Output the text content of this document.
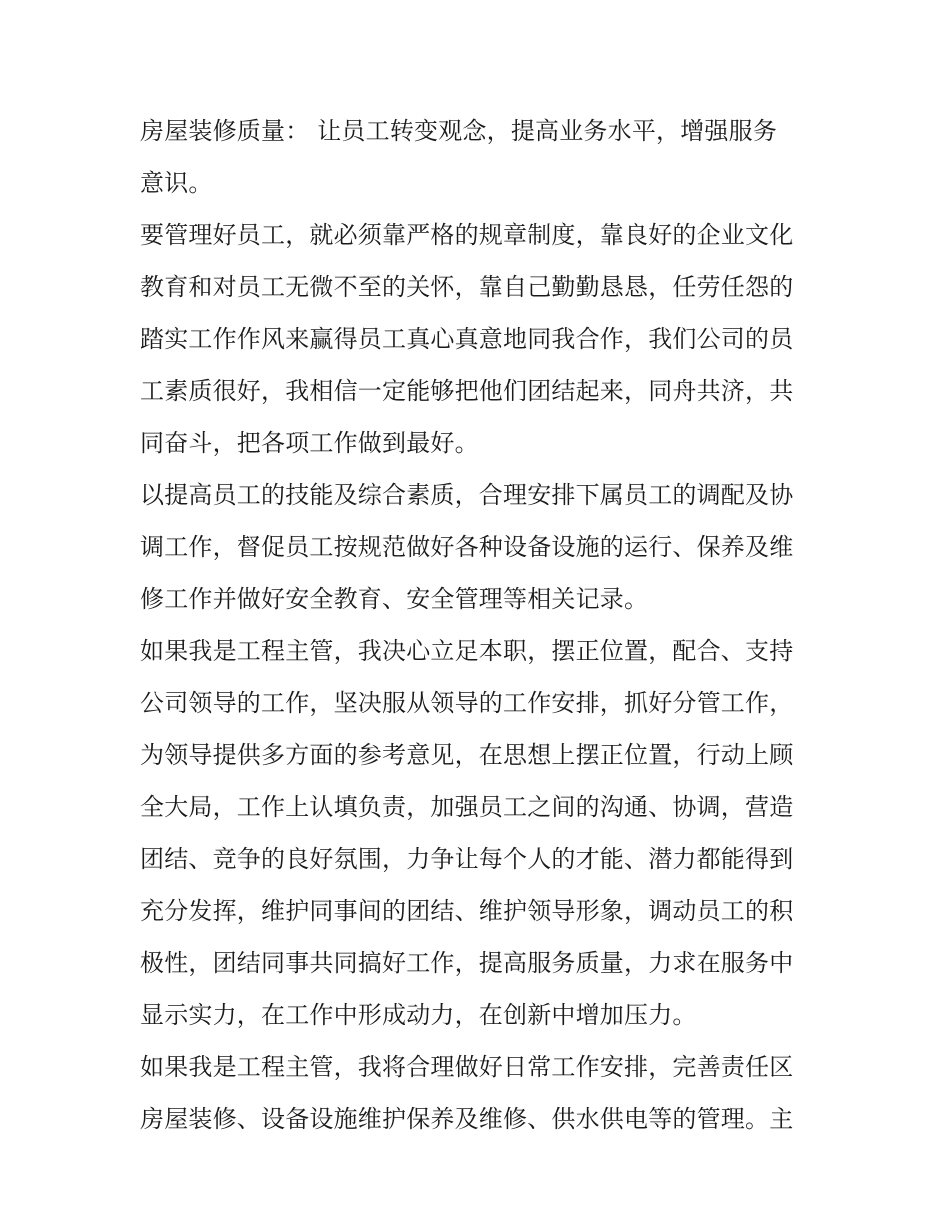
房屋装修质量： 让员工转变观念，提高业务水平，增强服务
意识。
要管理好员工，就必须靠严格的规章制度，靠良好的企业文化
教育和对员工无微不至的关怀，靠自己勤勤恳恳，任劳任怨的
踏实工作作风来赢得员工真心真意地同我合作，我们公司的员
工素质很好，我相信一定能够把他们团结起来，同舟共济，共
同奋斗，把各项工作做到最好。
以提高员工的技能及综合素质，合理安排下属员工的调配及协
调工作，督促员工按规范做好各种设备设施的运行、保养及维
修工作并做好安全教育、安全管理等相关记录。
如果我是工程主管，我决心立足本职，摆正位置，配合、支持
公司领导的工作，坚决服从领导的工作安排，抓好分管工作，
为领导提供多方面的参考意见，在思想上摆正位置，行动上顾
全大局，工作上认填负责，加强员工之间的沟通、协调，营造
团结、竞争的良好氛围，力争让每个人的才能、潜力都能得到
充分发挥，维护同事间的团结、维护领导形象，调动员工的积
极性，团结同事共同搞好工作，提高服务质量，力求在服务中
显示实力，在工作中形成动力，在创新中增加压力。
如果我是工程主管，我将合理做好日常工作安排，完善责任区
房屋装修、设备设施维护保养及维修、供水供电等的管理。主
